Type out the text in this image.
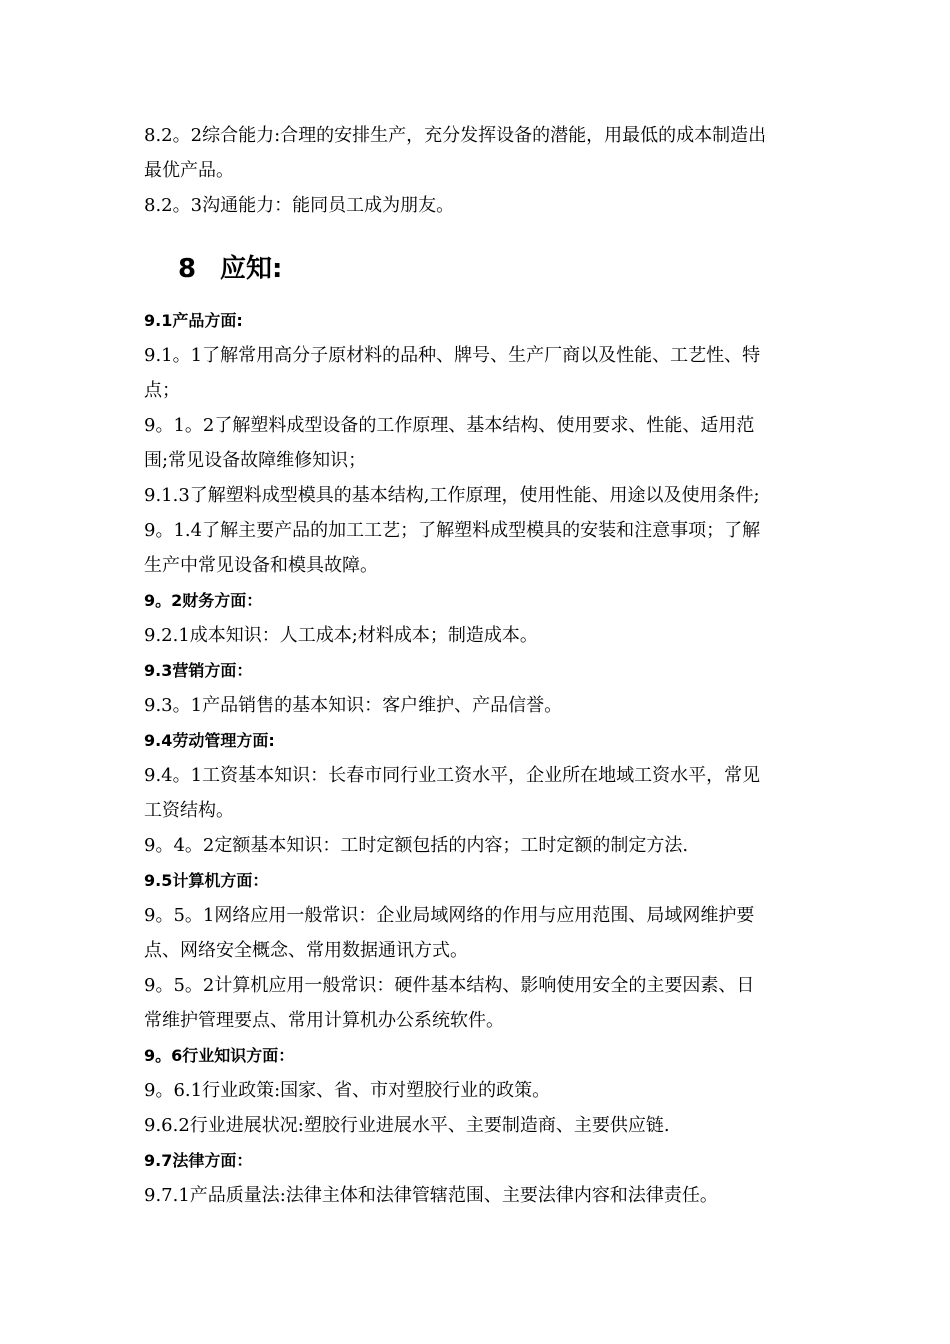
8.2。2综合能力:合理的安排生产，充分发挥设备的潜能，用最低的成本制造出

最优产品。

8.2。3沟通能力：能同员工成为朋友。

8 应知:

9.1产品方面:

9.1。1了解常用高分子原材料的品种、牌号、生产厂商以及性能、工艺性、特

点；

9。1。2了解塑料成型设备的工作原理、基本结构、使用要求、性能、适用范

围;常见设备故障维修知识；

9.1.3了解塑料成型模具的基本结构,工作原理，使用性能、用途以及使用条件;

9。1.4了解主要产品的加工工艺；了解塑料成型模具的安装和注意事项；了解

生产中常见设备和模具故障。

9。2财务方面：

9.2.1成本知识：人工成本;材料成本；制造成本。

9.3营销方面：

9.3。1产品销售的基本知识：客户维护、产品信誉。

9.4劳动管理方面:

9.4。1工资基本知识：长春市同行业工资水平，企业所在地域工资水平，常见

工资结构。

9。4。2定额基本知识：工时定额包括的内容；工时定额的制定方法.

9.5计算机方面：

9。5。1网络应用一般常识：企业局域网络的作用与应用范围、局域网维护要

点、网络安全概念、常用数据通讯方式。

9。5。2计算机应用一般常识：硬件基本结构、影响使用安全的主要因素、日

常维护管理要点、常用计算机办公系统软件。

9。6行业知识方面：

9。6.1行业政策:国家、省、市对塑胶行业的政策。

9.6.2行业进展状况:塑胶行业进展水平、主要制造商、主要供应链.

9.7法律方面：

9.7.1产品质量法:法律主体和法律管辖范围、主要法律内容和法律责任。
